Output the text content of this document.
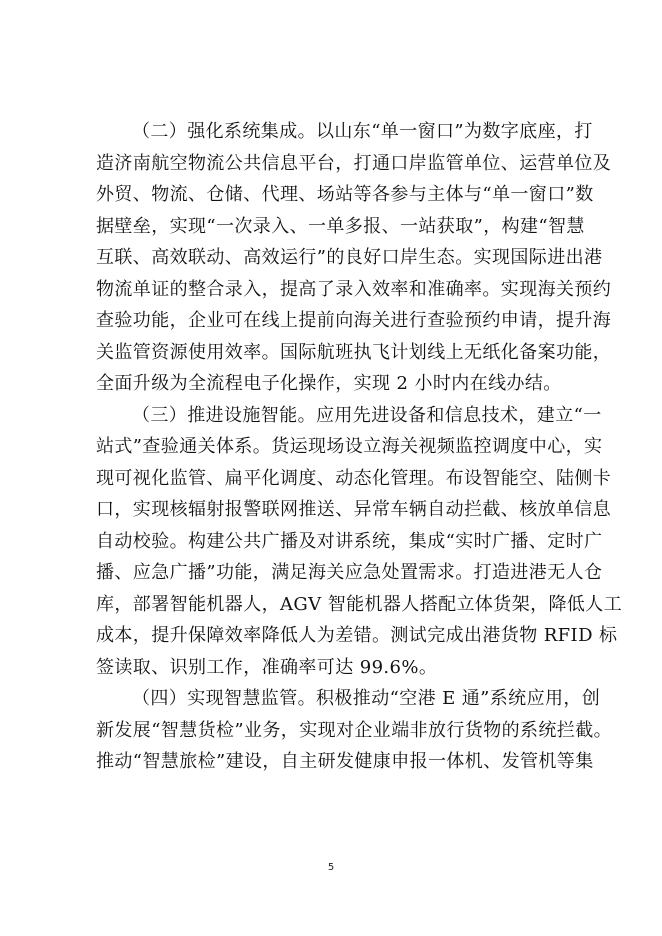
（二）强化系统集成。以山东“单一窗口”为数字底座，打
造济南航空物流公共信息平台，打通口岸监管单位、运营单位及
外贸、物流、仓储、代理、场站等各参与主体与“单一窗口”数
据壁垒，实现“一次录入、一单多报、一站获取”，构建“智慧
互联、高效联动、高效运行”的良好口岸生态。实现国际进出港
物流单证的整合录入，提高了录入效率和准确率。实现海关预约
查验功能，企业可在线上提前向海关进行查验预约申请，提升海
关监管资源使用效率。国际航班执飞计划线上无纸化备案功能，
全面升级为全流程电子化操作，实现 2 小时内在线办结。
（三）推进设施智能。应用先进设备和信息技术，建立“一
站式”查验通关体系。货运现场设立海关视频监控调度中心，实
现可视化监管、扁平化调度、动态化管理。布设智能空、陆侧卡
口，实现核辐射报警联网推送、异常车辆自动拦截、核放单信息
自动校验。构建公共广播及对讲系统，集成“实时广播、定时广
播、应急广播”功能，满足海关应急处置需求。打造进港无人仓
库，部署智能机器人，AGV 智能机器人搭配立体货架，降低人工
成本，提升保障效率降低人为差错。测试完成出港货物 RFID 标
签读取、识别工作，准确率可达 99.6%。
（四）实现智慧监管。积极推动“空港 E 通”系统应用，创
新发展“智慧货检”业务，实现对企业端非放行货物的系统拦截。
推动“智慧旅检”建设，自主研发健康申报一体机、发管机等集
5
